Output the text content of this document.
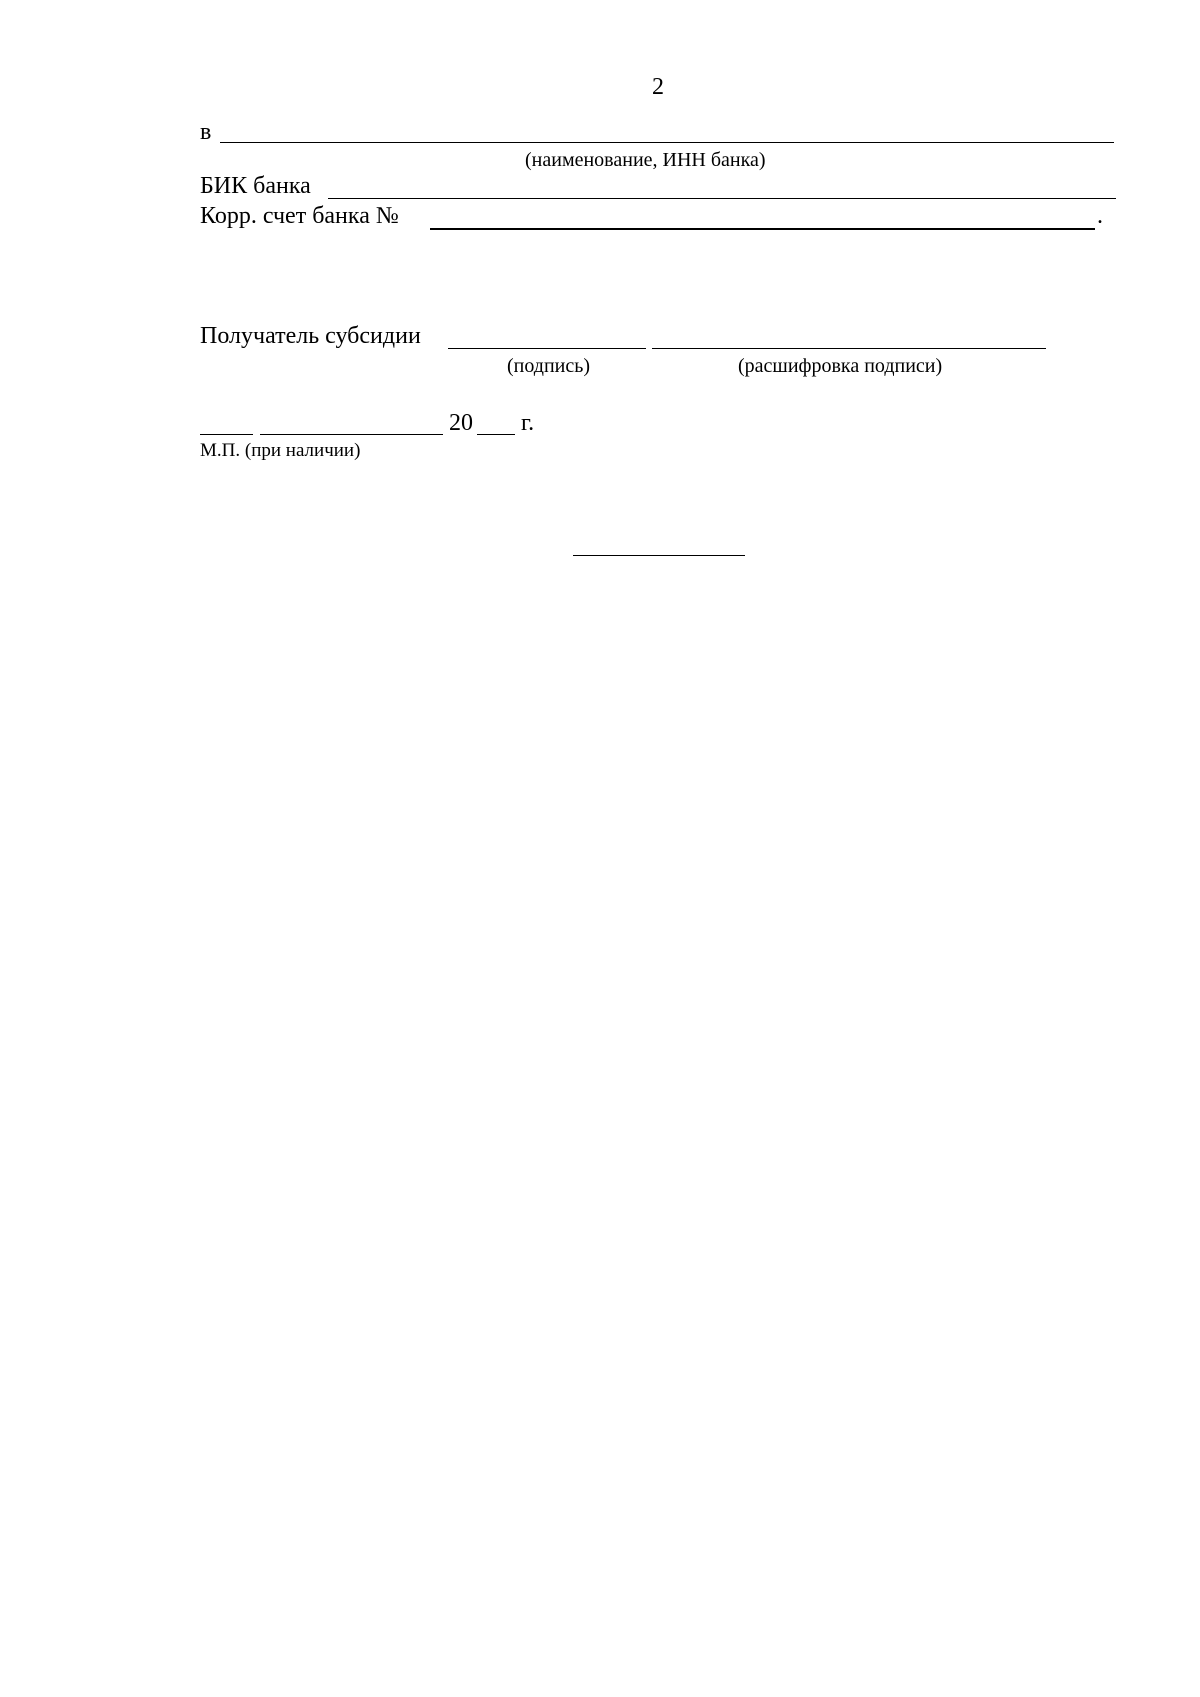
2
в
(наименование, ИНН банка)
БИК банка
Корр. счет банка №	.
Получатель субсидии
(подпись)	(расшифровка подписи)
20 г.
М.П. (при наличии)
